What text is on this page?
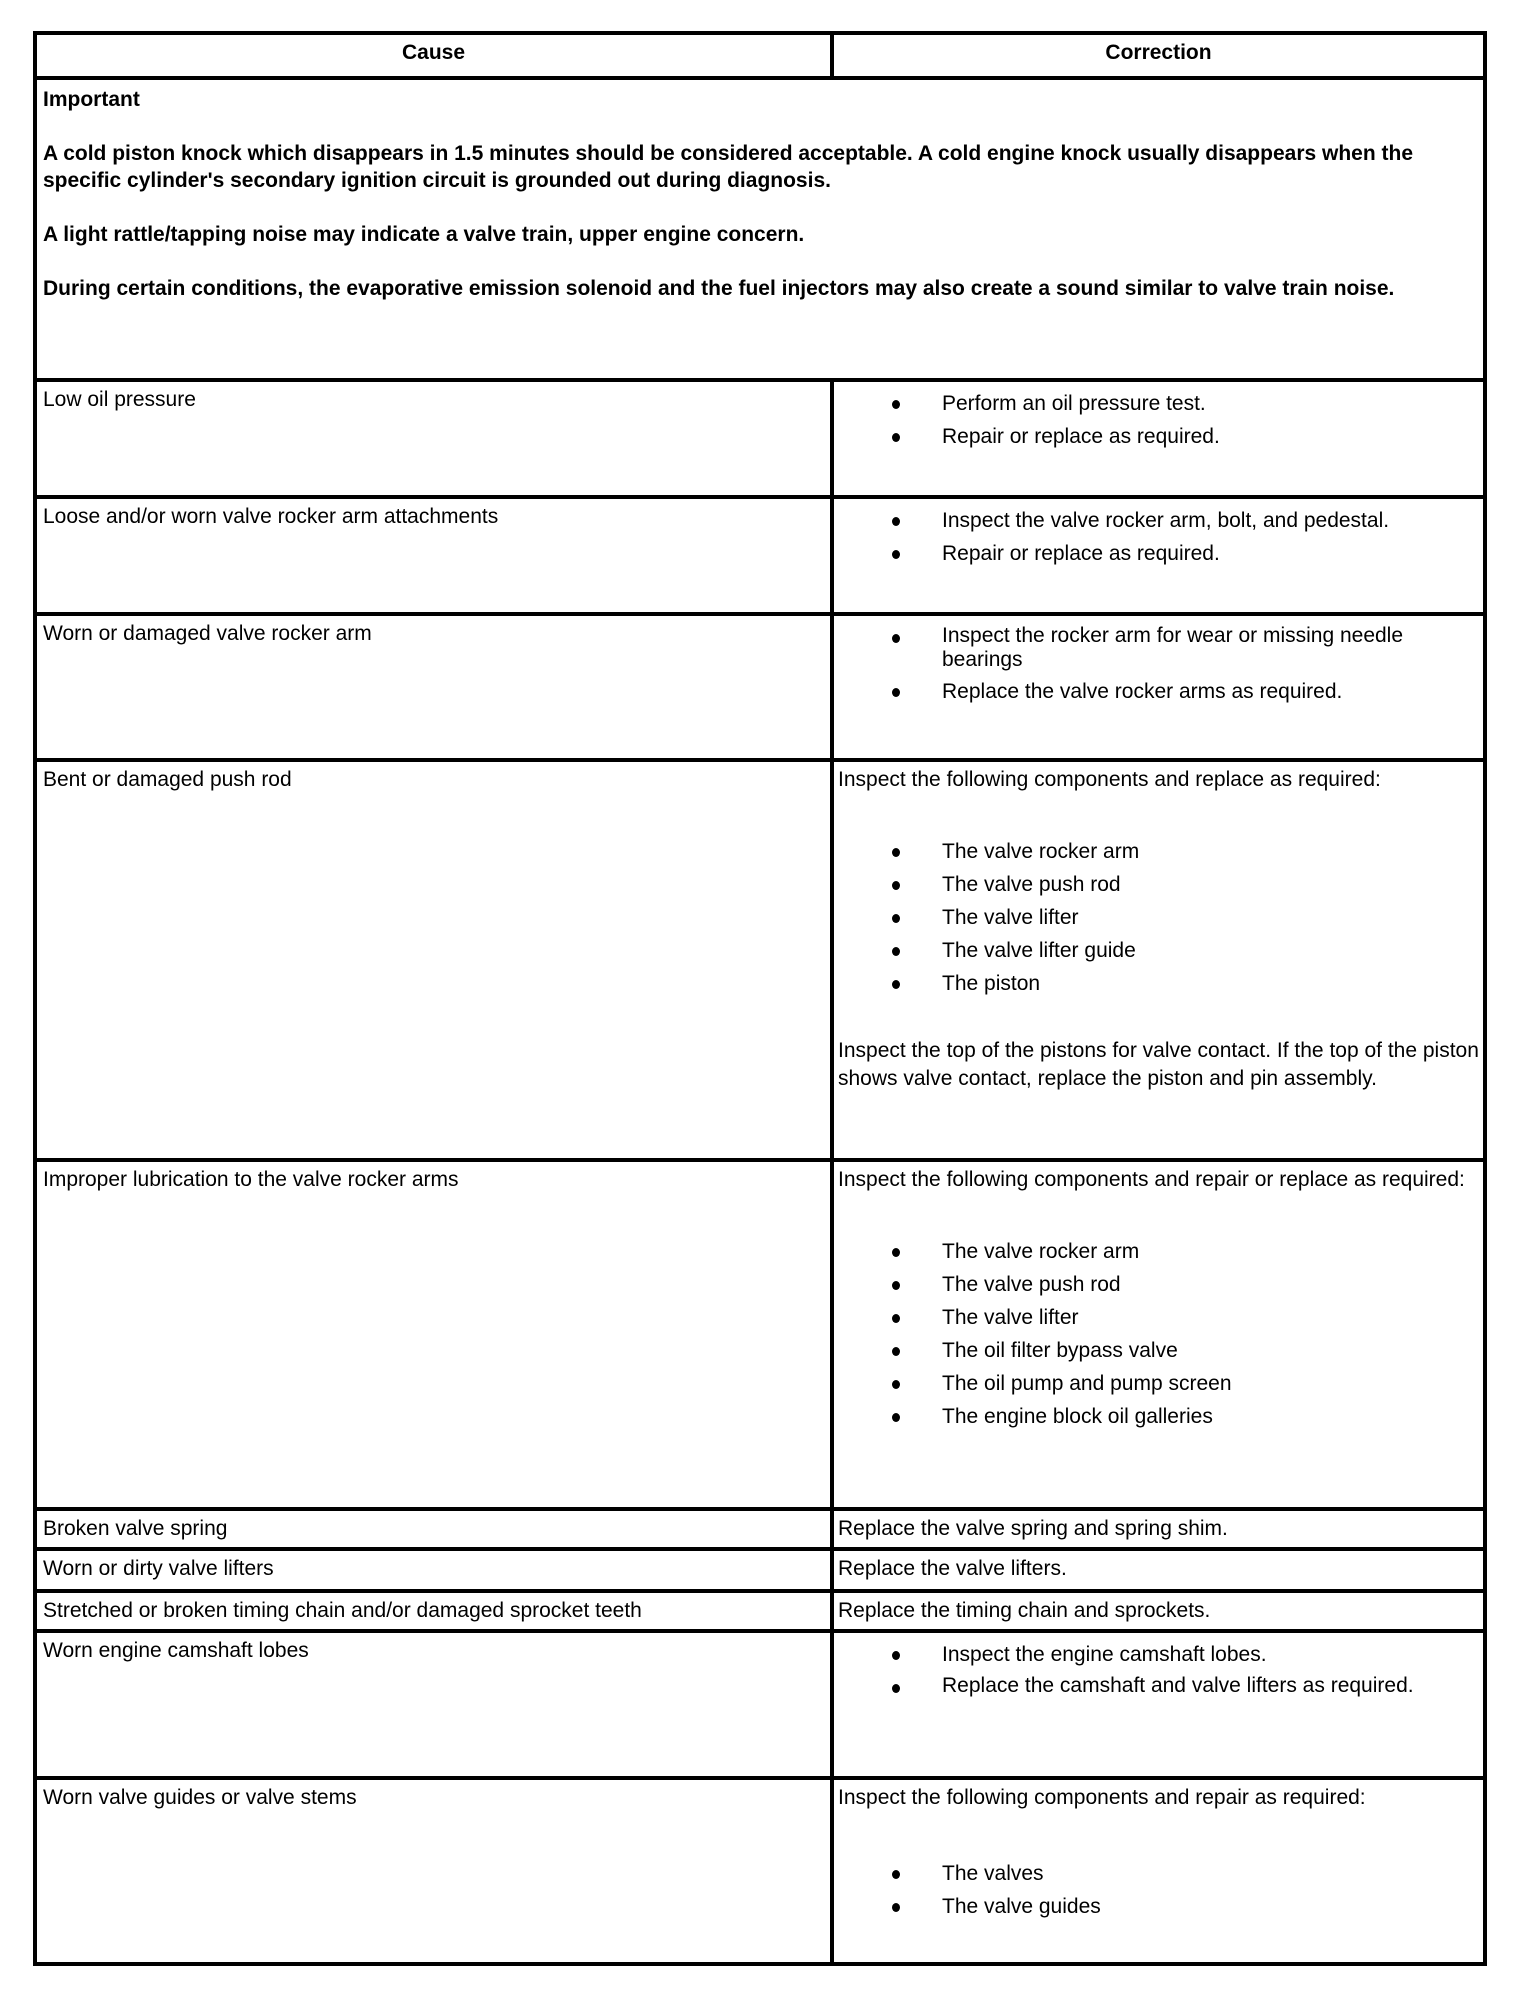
Cause	Correction

Important

A cold piston knock which disappears in 1.5 minutes should be considered acceptable. A cold engine knock usually disappears when the specific cylinder's secondary ignition circuit is grounded out during diagnosis.

A light rattle/tapping noise may indicate a valve train, upper engine concern.

During certain conditions, the evaporative emission solenoid and the fuel injectors may also create a sound similar to valve train noise.

Low oil pressure	Perform an oil pressure test.
Repair or replace as required.
Loose and/or worn valve rocker arm attachments	Inspect the valve rocker arm, bolt, and pedestal.
Repair or replace as required.
Worn or damaged valve rocker arm	Inspect the rocker arm for wear or missing needle bearings
Replace the valve rocker arms as required.
Bent or damaged push rod	Inspect the following components and replace as required:

The valve rocker arm
The valve push rod
The valve lifter
The valve lifter guide
The piston

Inspect the top of the pistons for valve contact. If the top of the piston shows valve contact, replace the piston and pin assembly.

Improper lubrication to the valve rocker arms	Inspect the following components and repair or replace as required:

The valve rocker arm
The valve push rod
The valve lifter
The oil filter bypass valve
The oil pump and pump screen
The engine block oil galleries
Broken valve spring	Replace the valve spring and spring shim.
Worn or dirty valve lifters	Replace the valve lifters.
Stretched or broken timing chain and/or damaged sprocket teeth	Replace the timing chain and sprockets.
Worn engine camshaft lobes	Inspect the engine camshaft lobes.
Replace the camshaft and valve lifters as required.
Worn valve guides or valve stems	Inspect the following components and repair as required:

The valves
The valve guides
